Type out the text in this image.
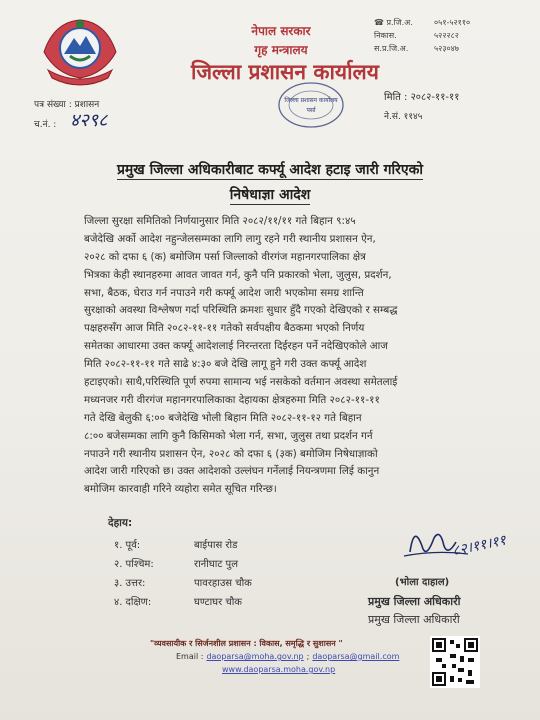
नेपाल सरकार
गृह मन्त्रालय
जिल्ला प्रशासन कार्यालय
☎ प्र.जि.अ.	०५१-५२११०
निकास.	५२२२८२
स.प्र.जि.अ.	५२३०४७
जिल्ला प्रशासन कार्यालय
पर्सा
पत्र संख्या : प्रशासन
च.नं. : ४२९८
मिति : २०८२-११-११
ने.सं. ११४५
प्रमुख जिल्ला अधिकारीबाट कर्फ्यू आदेश हटाइ जारी गरिएको
निषेधाज्ञा आदेश
जिल्ला सुरक्षा समितिको निर्णयानुसार मिति २०८२/११/११ गते बिहान ९:४५
बजेदेखि अर्को आदेश नहुन्जेलसम्मका लागि लागु रहने गरी स्थानीय प्रशासन ऐन,
२०२८ को दफा ६ (क) बमोजिम पर्सा जिल्लाको वीरगंज महानगरपालिका क्षेत्र
भित्रका केही स्थानहरुमा आवत जावत गर्न, कुनै पनि प्रकारको भेला, जुलुस, प्रदर्शन,
सभा, बैठक, घेराउ गर्न नपाउने गरी कर्फ्यू आदेश जारी भएकोमा समग्र शान्ति
सुरक्षाको अवस्था विश्लेषण गर्दा परिस्थिति क्रमशः सुधार हुँदै गएको देखिएको र सम्बद्ध
पक्षहरुसँग आज मिति २०८२-११-११ गतेको सर्वपक्षीय बैठकमा भएको निर्णय
समेतका आधारमा उक्त कर्फ्यू आदेशलाई निरन्तरता दिईरहन पर्ने नदेखिएकोले आज
मिति २०८२-११-११ गते साढे ४:३० बजे देखि लागू हुने गरी उक्त कर्फ्यू आदेश
हटाइएको। साथै,परिस्थिति पूर्ण रुपमा सामान्य भई नसकेको वर्तमान अवस्था समेतलाई
मध्यनजर गरी वीरगंज महानगरपालिकाका देहायका क्षेत्रहरुमा मिति २०८२-११-११
गते देखि बेलुकी ६:०० बजेदेखि भोली बिहान मिति २०८२-११-१२ गते बिहान
८:०० बजेसम्मका लागि कुनै किसिमको भेला गर्न, सभा, जुलुस तथा प्रदर्शन गर्न
नपाउने गरी स्थानीय प्रशासन ऐन, २०२८ को दफा ६ (३क) बमोजिम निषेधाज्ञाको
आदेश जारी गरिएको छ। उक्त आदेशको उल्लंघन गर्नेलाई नियन्त्रणमा लिई कानुन
बमोजिम कारवाही गरिने व्यहोरा समेत सूचित गरिन्छ।
देहाय:
१. पूर्व:	बाईपास रोड
२. पश्चिम:	रानीघाट पुल
३. उत्तर:	पावरहाउस चौक
४. दक्षिण:	घण्टाघर चौक
८२।११।११
(भोला दाहाल)
प्रमुख जिल्ला अधिकारी
प्रमुख जिल्ला अधिकारी
"व्यवसायीक र सिर्जनशील प्रशासन : विकास, समृद्धि र सुशासन "
Email : daoparsa@moha.gov.np ; daoparsa@gmail.com
www.daoparsa.moha.gov.np
